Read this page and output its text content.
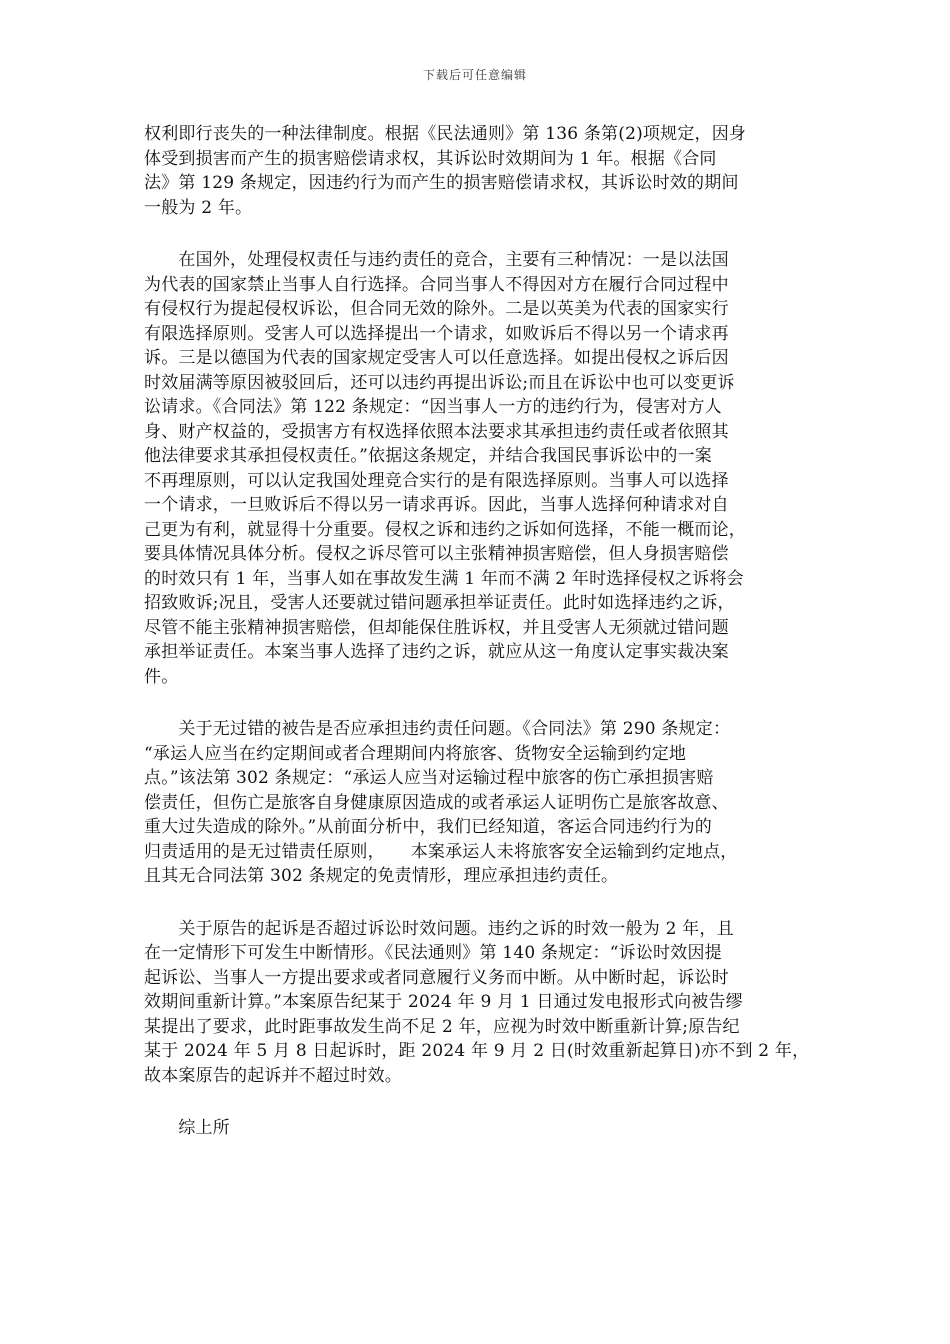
下载后可任意编辑
权利即行丧失的一种法律制度。根据《民法通则》第 136 条第(2)项规定，因身
体受到损害而产生的损害赔偿请求权，其诉讼时效期间为 1 年。根据《合同
法》第 129 条规定，因违约行为而产生的损害赔偿请求权，其诉讼时效的期间
一般为 2 年。
　　在国外，处理侵权责任与违约责任的竞合，主要有三种情况：一是以法国
为代表的国家禁止当事人自行选择。合同当事人不得因对方在履行合同过程中
有侵权行为提起侵权诉讼，但合同无效的除外。二是以英美为代表的国家实行
有限选择原则。受害人可以选择提出一个请求，如败诉后不得以另一个请求再
诉。三是以德国为代表的国家规定受害人可以任意选择。如提出侵权之诉后因
时效届满等原因被驳回后，还可以违约再提出诉讼;而且在诉讼中也可以变更诉
讼请求。《合同法》第 122 条规定：“因当事人一方的违约行为，侵害对方人
身、财产权益的，受损害方有权选择依照本法要求其承担违约责任或者依照其
他法律要求其承担侵权责任。”依据这条规定，并结合我国民事诉讼中的一案
不再理原则，可以认定我国处理竞合实行的是有限选择原则。当事人可以选择
一个请求，一旦败诉后不得以另一请求再诉。因此，当事人选择何种请求对自
己更为有利，就显得十分重要。侵权之诉和违约之诉如何选择，不能一概而论，
要具体情况具体分析。侵权之诉尽管可以主张精神损害赔偿，但人身损害赔偿
的时效只有 1 年，当事人如在事故发生满 1 年而不满 2 年时选择侵权之诉将会
招致败诉;况且，受害人还要就过错问题承担举证责任。此时如选择违约之诉，
尽管不能主张精神损害赔偿，但却能保住胜诉权，并且受害人无须就过错问题
承担举证责任。本案当事人选择了违约之诉，就应从这一角度认定事实裁决案
件。
　　关于无过错的被告是否应承担违约责任问题。《合同法》第 290 条规定：
“承运人应当在约定期间或者合理期间内将旅客、货物安全运输到约定地
点。”该法第 302 条规定：“承运人应当对运输过程中旅客的伤亡承担损害赔
偿责任，但伤亡是旅客自身健康原因造成的或者承运人证明伤亡是旅客故意、
重大过失造成的除外。”从前面分析中，我们已经知道，客运合同违约行为的
归责适用的是无过错责任原则，　　本案承运人未将旅客安全运输到约定地点，
且其无合同法第 302 条规定的免责情形，理应承担违约责任。
　　关于原告的起诉是否超过诉讼时效问题。违约之诉的时效一般为 2 年，且
在一定情形下可发生中断情形。《民法通则》第 140 条规定：“诉讼时效因提
起诉讼、当事人一方提出要求或者同意履行义务而中断。从中断时起，诉讼时
效期间重新计算。”本案原告纪某于 2024 年 9 月 1 日通过发电报形式向被告缪
某提出了要求，此时距事故发生尚不足 2 年，应视为时效中断重新计算;原告纪
某于 2024 年 5 月 8 日起诉时，距 2024 年 9 月 2 日(时效重新起算日)亦不到 2 年，
故本案原告的起诉并不超过时效。
　　综上所
